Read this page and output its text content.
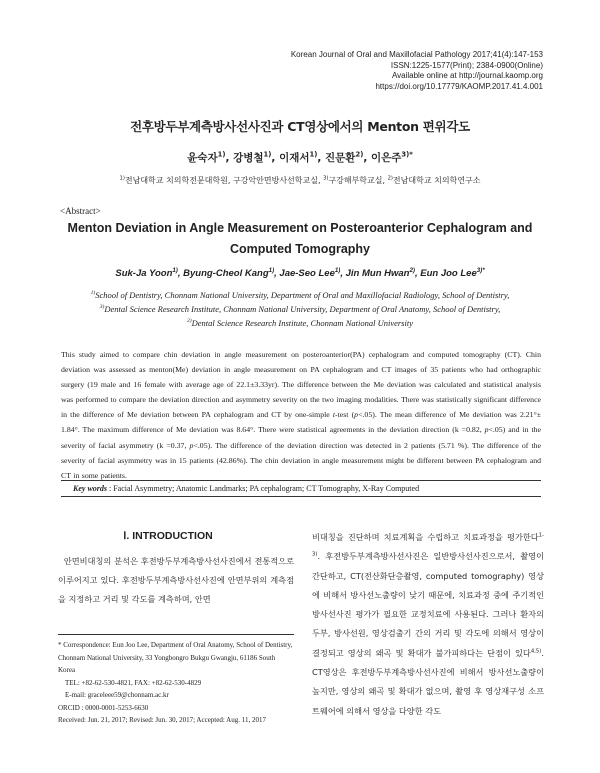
Korean Journal of Oral and Maxillofacial Pathology 2017;41(4):147-153
ISSN:1225-1577(Print); 2384-0900(Online)
Available online at http://journal.kaomp.org
https://doi.org/10.17779/KAOMP.2017.41.4.001
전후방두부계측방사선사진과 CT영상에서의 Menton 편위각도
윤숙자$^{1)}$, 강병철$^{1)}$, 이재서$^{1)}$, 진문환$^{2)}$, 이은주$^{3)*}$
$^{1)}$전남대학교 치의학전문대학원, 구강악안면방사선학교실, $^{3)}$구강해부학교실, $^{2)}$전남대학교 치의학연구소
<Abstract>
Menton Deviation in Angle Measurement on Posteroanterior Cephalogram and Computed Tomography
Suk-Ja Yoon$^{1)}$, Byung-Cheol Kang$^{1)}$, Jae-Seo Lee$^{1)}$, Jin Mun Hwan$^{2)}$, Eun Joo Lee$^{3)*}$
$^{1)}$School of Dentistry, Chonnam National University, Department of Oral and Maxillofacial Radiology, School of Dentistry,
$^{3)}$Dental Science Research Institute, Chonnam National University, Department of Oral Anatomy, School of Dentistry,
$^{2)}$Dental Science Research Institute, Chonnam National University
This study aimed to compare chin deviation in angle measurement on posteroanterior(PA) cephalogram and computed tomography (CT). Chin deviation was assessed as menton(Me) deviation in angle measurement on PA cephalogram and CT images of 35 patients who had orthographic surgery (19 male and 16 female with average age of 22.1±3.33yr). The difference between the Me deviation was calculated and statistical analysis was performed to compare the deviation direction and asymmetry severity on the two imaging modalities. There was statistically significant difference in the difference of Me deviation between PA cephalogram and CT by one-simple t-test (p<.05). The mean difference of Me deviation was 2.21°± 1.84°. The maximum difference of Me deviation was 8.64°. There were statistical agreements in the deviation direction (k =0.82, p<.05) and in the severity of facial asymmetry (k =0.37, p<.05). The difference of the deviation direction was detected in 2 patients (5.71 %). The difference of the severity of facial asymmetry was in 15 patients (42.86%). The chin deviation in angle measurement might be different between PA cephalogram and CT in some patients.
Key words : Facial Asymmetry; Anatomic Landmarks; PA cephalogram; CT Tomography, X-Ray Computed
Ⅰ. INTRODUCTION
안면비대칭의 분석은 후전방두부계측방사선사진에서 전통적으로 이루어지고 있다. 후전방두부계측방사선사진에 안면부위의 계측점을 지정하고 거리 및 각도를 계측하며, 안면

* Correspondence: Eun Joo Lee, Department of Oral Anatomy, School of Dentistry, Chonnam National University, 33 Yongbongro Bukgu Gwangju, 61186 South Korea

TEL: +82-62-530-4821, FAX: +82-62-530-4829

E-mail: graceleee59@chonnam.ac.kr

ORCID : 0000-0001-5253-6630

Received: Jun. 21, 2017; Revised: Jun. 30, 2017; Accepted: Aug. 11, 2017

비대칭을 진단하며 치료계획을 수립하고 치료과정을 평가한다$^{1-3)}$. 후전방두부계측방사선사진은 일반방사선사진으로서, 촬영이 간단하고, CT(전산화단층촬영, computed tomography) 영상에 비해서 방사선노출량이 낮기 때문에, 치료과정 중에 주기적인 방사선사진 평가가 필요한 교정치료에 사용된다. 그러나 환자의 두부, 방사선원, 영상검출기 간의 거리 및 각도에 의해서 영상이 결정되고 영상의 왜곡 및 확대가 불가피하다는 단점이 있다$^{4,5)}$. CT영상은 후전방두부계측방사선사진에 비해서 방사선노출량이 높지만, 영상의 왜곡 및 확대가 없으며, 촬영 후 영상재구성 소프트웨어에 의해서 영상을 다양한 각도
